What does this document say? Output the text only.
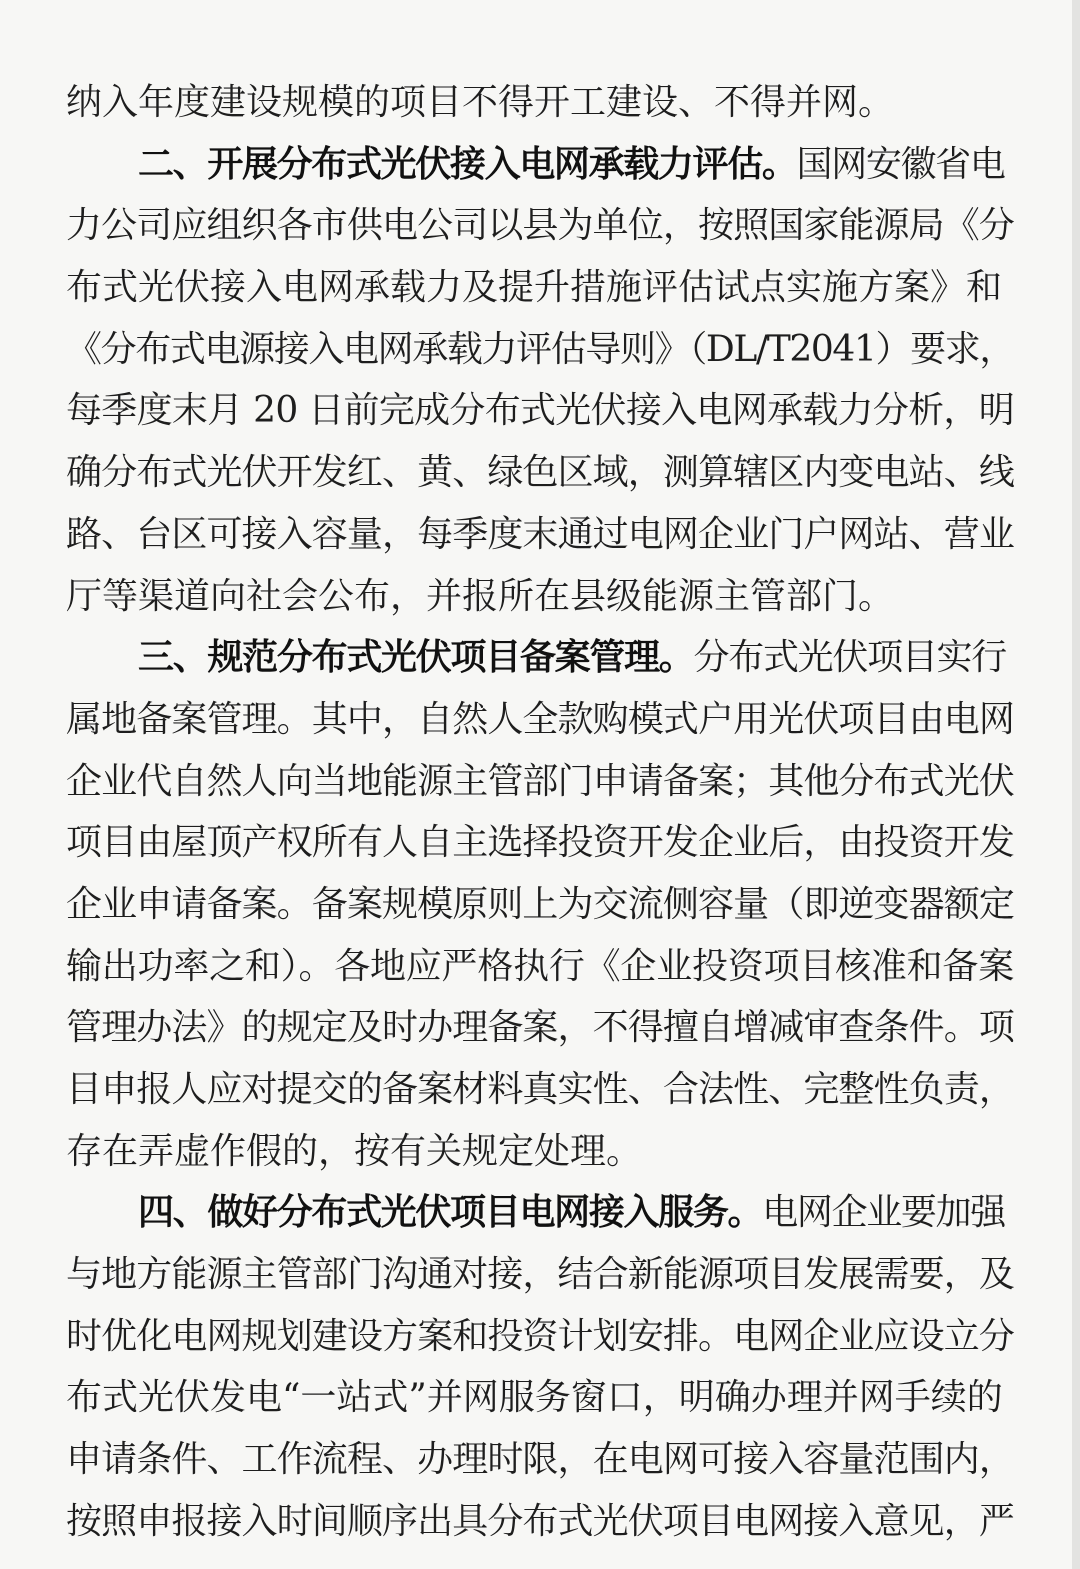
纳入年度建设规模的项目不得开工建设、不得并网。
二、开展分布式光伏接入电网承载力评估。国网安徽省电
力公司应组织各市供电公司以县为单位，按照国家能源局《分
布式光伏接入电网承载力及提升措施评估试点实施方案》和
《分布式电源接入电网承载力评估导则》（DL/T2041）要求，
每季度末月 20 日前完成分布式光伏接入电网承载力分析，明
确分布式光伏开发红、黄、绿色区域，测算辖区内变电站、线
路、台区可接入容量，每季度末通过电网企业门户网站、营业
厅等渠道向社会公布，并报所在县级能源主管部门。
三、规范分布式光伏项目备案管理。分布式光伏项目实行
属地备案管理。其中，自然人全款购模式户用光伏项目由电网
企业代自然人向当地能源主管部门申请备案；其他分布式光伏
项目由屋顶产权所有人自主选择投资开发企业后，由投资开发
企业申请备案。备案规模原则上为交流侧容量（即逆变器额定
输出功率之和）。各地应严格执行《企业投资项目核准和备案
管理办法》的规定及时办理备案，不得擅自增减审查条件。项
目申报人应对提交的备案材料真实性、合法性、完整性负责，
存在弄虚作假的，按有关规定处理。
四、做好分布式光伏项目电网接入服务。电网企业要加强
与地方能源主管部门沟通对接，结合新能源项目发展需要，及
时优化电网规划建设方案和投资计划安排。电网企业应设立分
布式光伏发电“一站式”并网服务窗口，明确办理并网手续的
申请条件、工作流程、办理时限，在电网可接入容量范围内，
按照申报接入时间顺序出具分布式光伏项目电网接入意见，严
